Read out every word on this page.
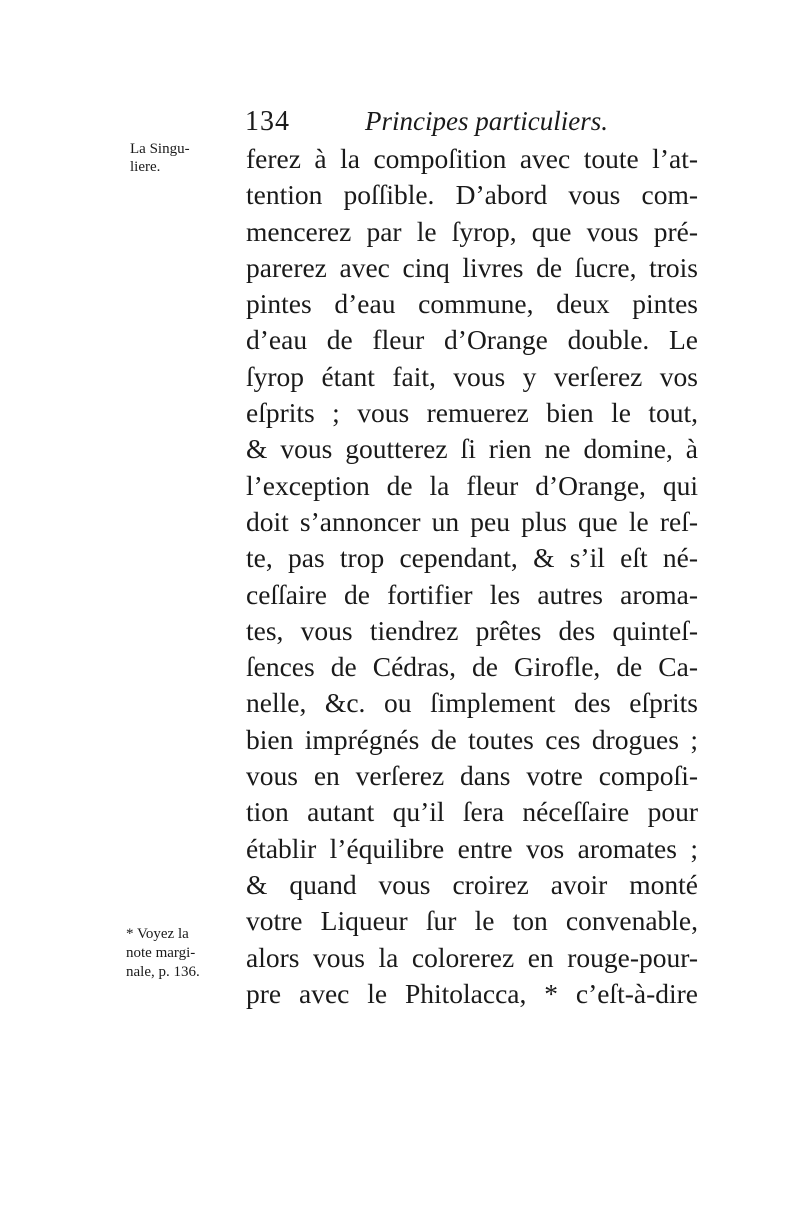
134	Principes particuliers.
La Singu-
liere.	ferez à la compoſition avec toute l’at-
tention poſſible. D’abord vous com-
mencerez par le ſyrop, que vous pré-
parerez avec cinq livres de ſucre, trois
pintes d’eau commune, deux pintes
d’eau de fleur d’Orange double. Le
ſyrop étant fait, vous y verſerez vos
eſprits ; vous remuerez bien le tout,
& vous goutterez ſi rien ne domine, à
l’exception de la fleur d’Orange, qui
doit s’annoncer un peu plus que le reſ-
te, pas trop cependant, & s’il eſt né-
ceſſaire de fortifier les autres aroma-
tes, vous tiendrez prêtes des quinteſ-
ſences de Cédras, de Girofle, de Ca-
nelle, &c. ou ſimplement des eſprits
bien imprégnés de toutes ces drogues ;
vous en verſerez dans votre compoſi-
tion autant qu’il ſera néceſſaire pour
établir l’équilibre entre vos aromates ;
& quand vous croirez avoir monté
votre Liqueur ſur le ton convenable,
alors vous la colorerez en rouge-pour-
pre avec le Phitolacca, * c’eſt-à-dire
* Voyez la
note margi-
nale, p. 136.
